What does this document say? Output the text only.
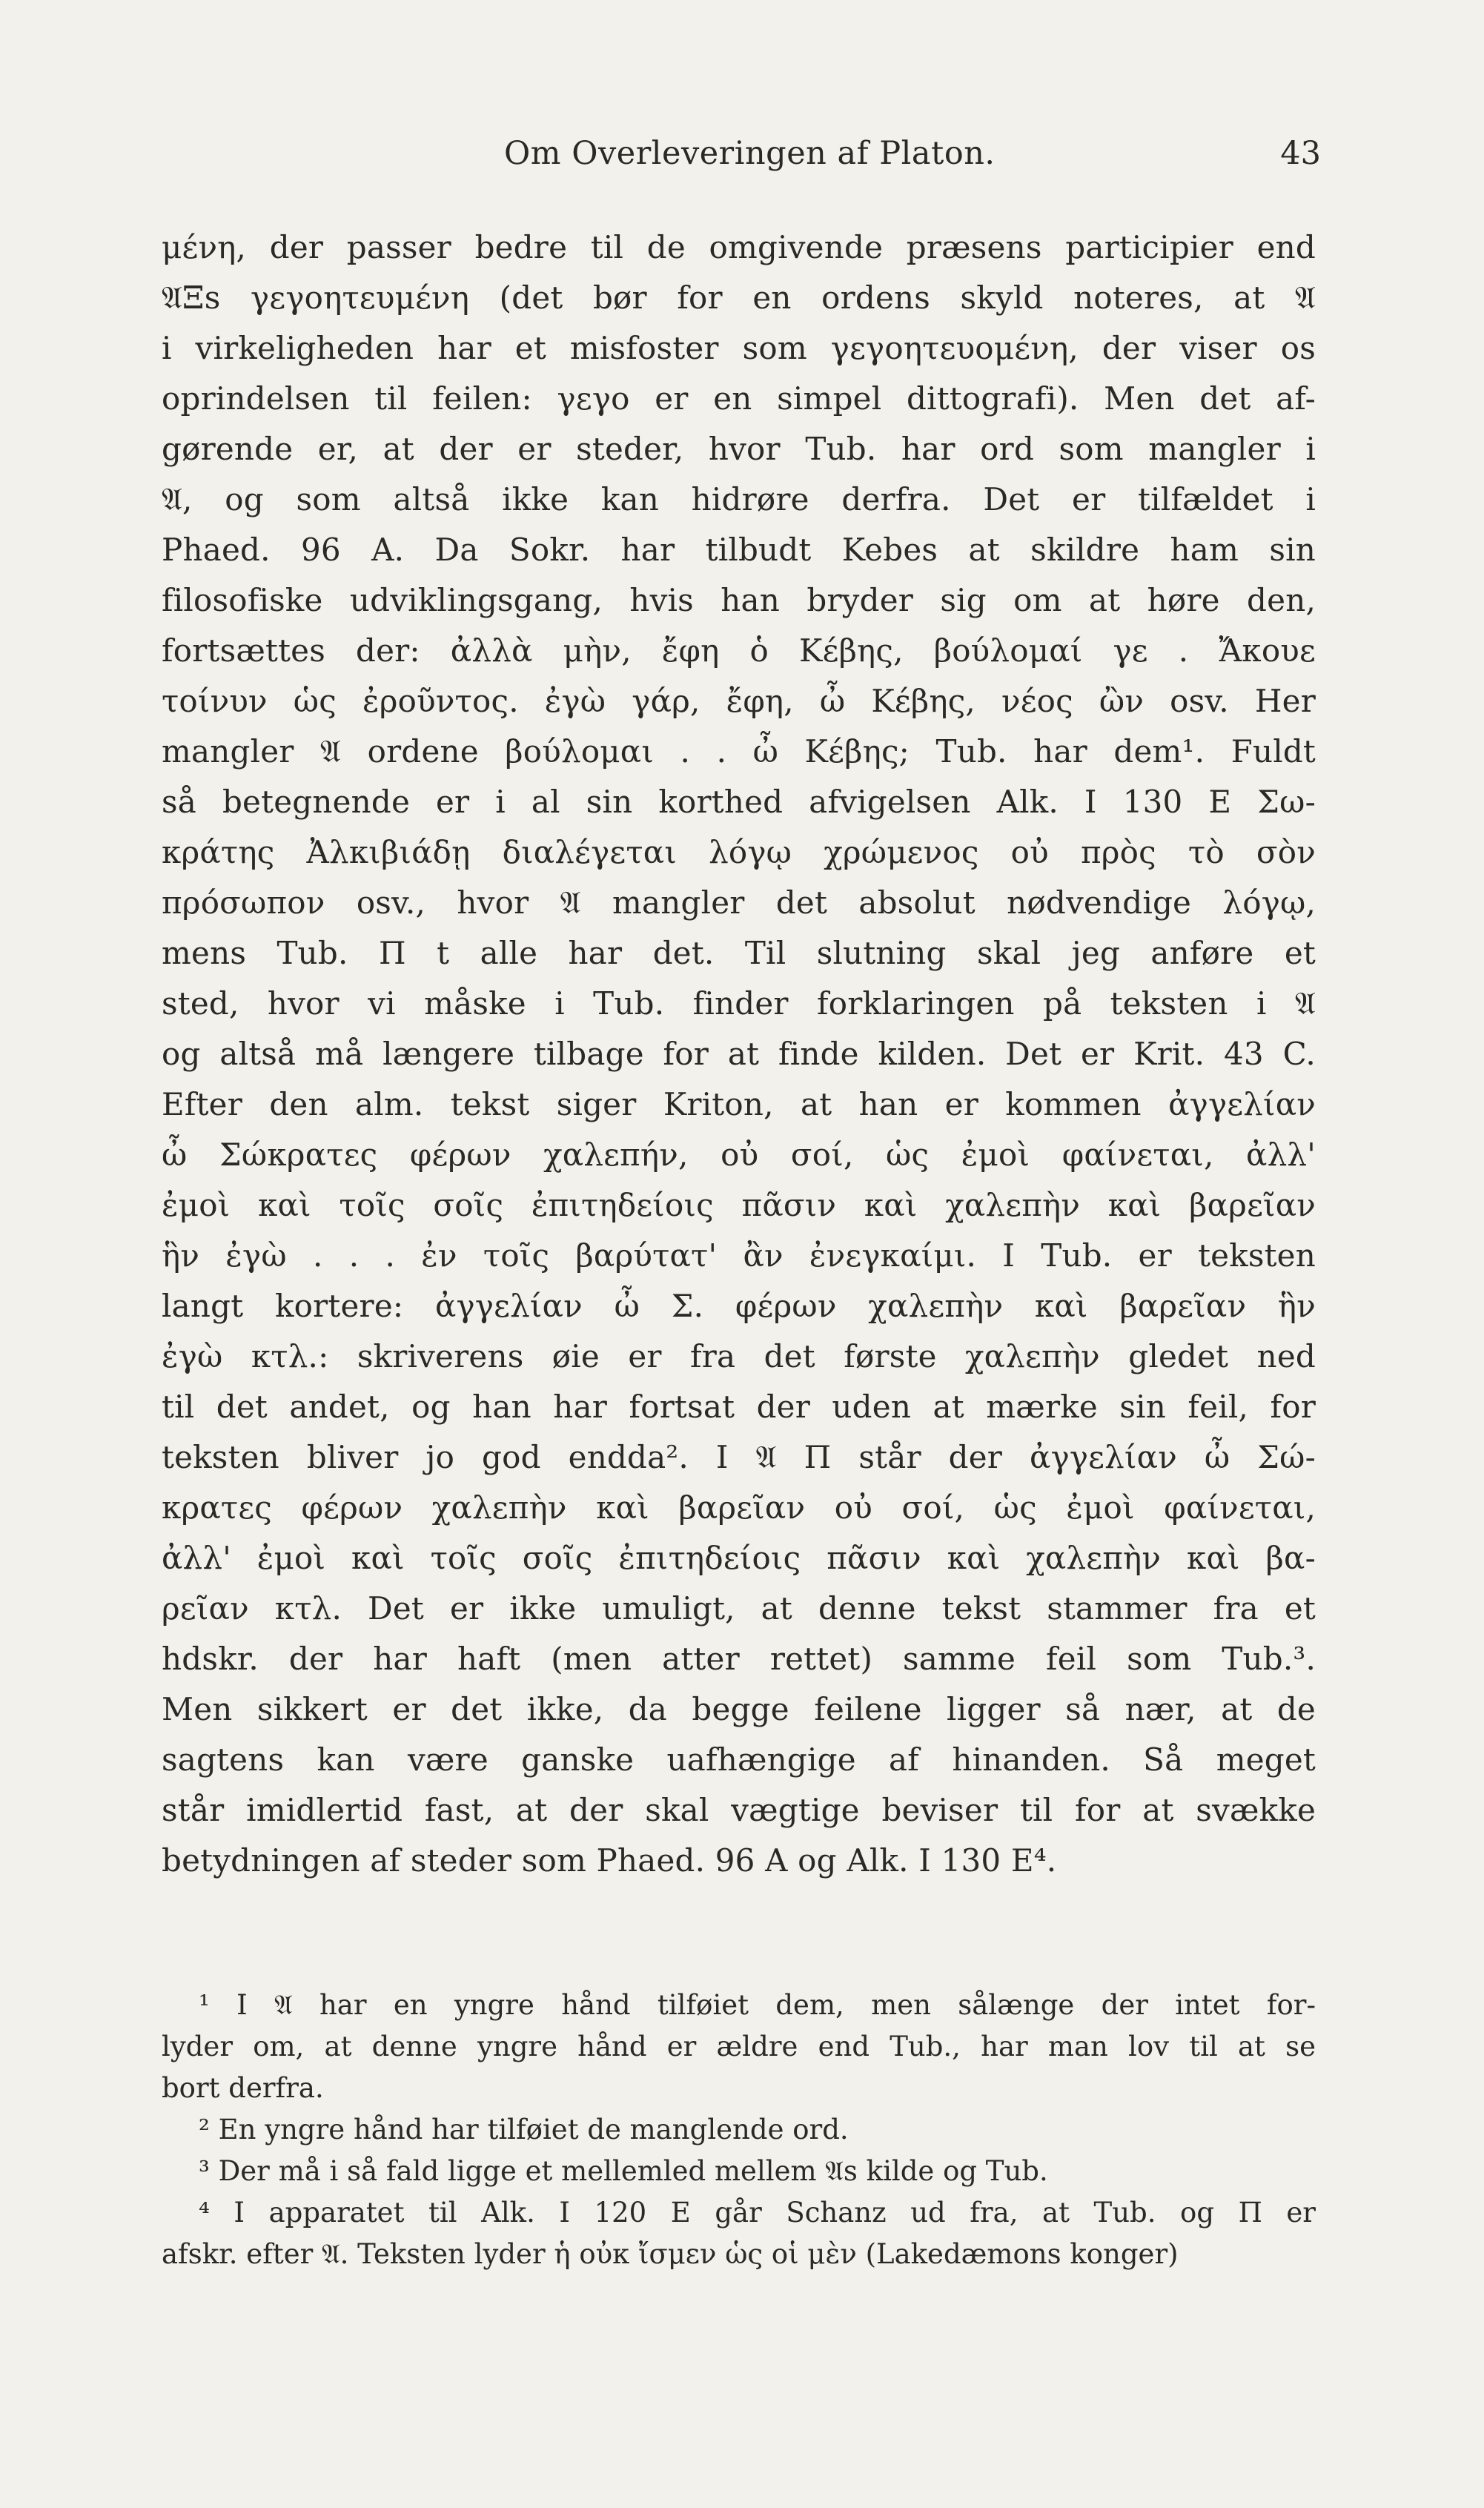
Om Overleveringen af Platon.	43
μένη, der passer bedre til de omgivende præsens participier end
𝔄Ξs γεγοητευμένη (det bør for en ordens skyld noteres, at 𝔄
i virkeligheden har et misfoster som γεγοητευομένη, der viser os
oprindelsen til feilen: γεγο er en simpel dittografi). Men det af-
gørende er, at der er steder, hvor Tub. har ord som mangler i
𝔄, og som altså ikke kan hidrøre derfra. Det er tilfældet i
Phaed. 96 A. Da Sokr. har tilbudt Kebes at skildre ham sin
filosofiske udviklingsgang, hvis han bryder sig om at høre den,
fortsættes der: ἀλλὰ μὴν, ἔφη ὁ Κέβης, βούλομαί γε . Ἄκουε
τοίνυν ὡς ἐροῦντος. ἐγὼ γάρ, ἔφη, ὦ Κέβης, νέος ὢν osv. Her
mangler 𝔄 ordene βούλομαι . . ὦ Κέβης; Tub. har dem¹. Fuldt
så betegnende er i al sin korthed afvigelsen Alk. I 130 E Σω-
κράτης Ἀλκιβιάδῃ διαλέγεται λόγῳ χρώμενος οὐ πρὸς τὸ σὸν
πρόσωπον osv., hvor 𝔄 mangler det absolut nødvendige λόγῳ,
mens Tub. Π t alle har det. Til slutning skal jeg anføre et
sted, hvor vi måske i Tub. finder forklaringen på teksten i 𝔄
og altså må længere tilbage for at finde kilden. Det er Krit. 43 C.
Efter den alm. tekst siger Kriton, at han er kommen ἀγγελίαν
ὦ Σώκρατες φέρων χαλεπήν, οὐ σοί, ὡς ἐμοὶ φαίνεται, ἀλλ'
ἐμοὶ καὶ τοῖς σοῖς ἐπιτηδείοις πᾶσιν καὶ χαλεπὴν καὶ βαρεῖαν
ἣν ἐγὼ . . . ἐν τοῖς βαρύτατ' ἂν ἐνεγκαίμι. I Tub. er teksten
langt kortere: ἀγγελίαν ὦ Σ. φέρων χαλεπὴν καὶ βαρεῖαν ἣν
ἐγὼ κτλ.: skriverens øie er fra det første χαλεπὴν gledet ned
til det andet, og han har fortsat der uden at mærke sin feil, for
teksten bliver jo god endda². I 𝔄 Π står der ἀγγελίαν ὦ Σώ-
κρατες φέρων χαλεπὴν καὶ βαρεῖαν οὐ σοί, ὡς ἐμοὶ φαίνεται,
ἀλλ' ἐμοὶ καὶ τοῖς σοῖς ἐπιτηδείοις πᾶσιν καὶ χαλεπὴν καὶ βα-
ρεῖαν κτλ. Det er ikke umuligt, at denne tekst stammer fra et
hdskr. der har haft (men atter rettet) samme feil som Tub.³.
Men sikkert er det ikke, da begge feilene ligger så nær, at de
sagtens kan være ganske uafhængige af hinanden. Så meget
står imidlertid fast, at der skal vægtige beviser til for at svække
betydningen af steder som Phaed. 96 A og Alk. I 130 E⁴.
¹ I 𝔄 har en yngre hånd tilføiet dem, men sålænge der intet for-
lyder om, at denne yngre hånd er ældre end Tub., har man lov til at se
bort derfra.
² En yngre hånd har tilføiet de manglende ord.
³ Der må i så fald ligge et mellemled mellem 𝔄s kilde og Tub.
⁴ I apparatet til Alk. I 120 E går Schanz ud fra, at Tub. og Π er
afskr. efter 𝔄. Teksten lyder ἡ οὐκ ἴσμεν ὡς οἱ μὲν (Lakedæmons konger)
